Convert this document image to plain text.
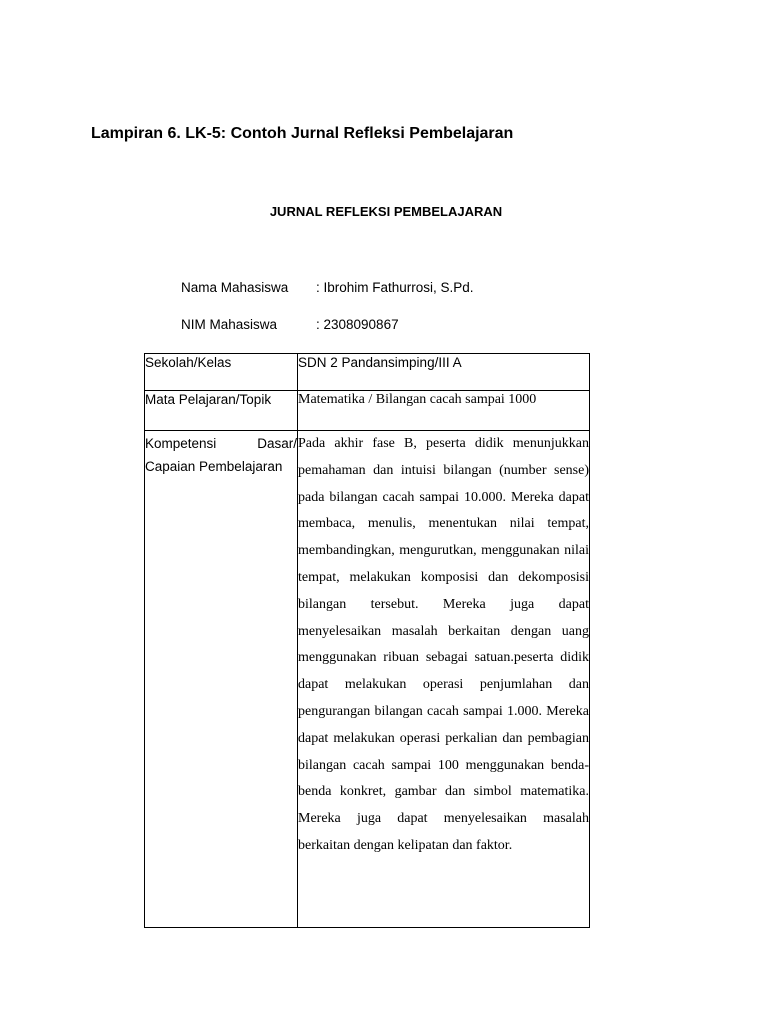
Lampiran 6. LK-5: Contoh Jurnal Refleksi Pembelajaran
JURNAL REFLEKSI PEMBELAJARAN
Nama Mahasiswa : Ibrohim Fathurrosi, S.Pd.
NIM Mahasiswa	: 2308090867
Sekolah/Kelas	SDN 2 Pandansimping/III A
Mata Pelajaran/Topik	Matematika / Bilangan cacah sampai 1000
Kompetensi Dasar/ Capaian Pembelajaran	Pada akhir fase B, peserta didik menunjukkan pemahaman dan intuisi bilangan (number sense) pada bilangan cacah sampai 10.000. Mereka dapat membaca, menulis, menentukan nilai tempat, membandingkan, mengurutkan, menggunakan nilai tempat, melakukan komposisi dan dekomposisi bilangan tersebut. Mereka juga dapat menyelesaikan masalah berkaitan dengan uang menggunakan ribuan sebagai satuan.peserta didik dapat melakukan operasi penjumlahan dan pengurangan bilangan cacah sampai 1.000. Mereka dapat melakukan operasi perkalian dan pembagian bilangan cacah sampai 100 menggunakan benda-benda konkret, gambar dan simbol matematika. Mereka juga dapat menyelesaikan masalah berkaitan dengan kelipatan dan faktor.
